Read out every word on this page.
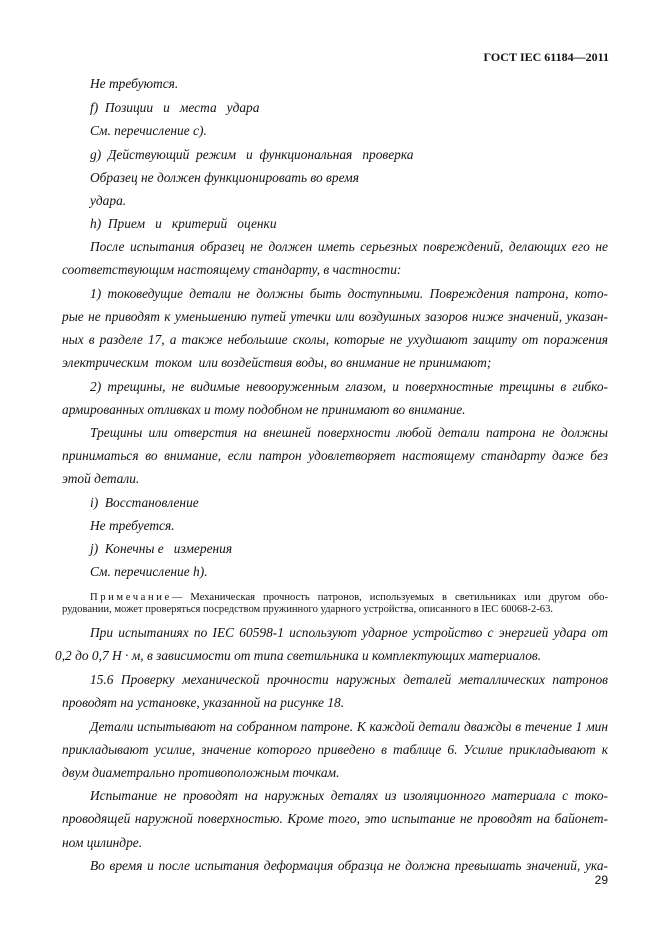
ГОСТ IEC 61184—2011
Не требуются.
f)  Позиции   и   места   удара
См. перечисление с).
g)  Действующий  режим   и  функциональная   проверка
Образец не должен функционировать во время
удара.
h)  Прием   и   критерий   оценки
После испытания образец не должен иметь серьезных повреждений, делающих его не
соответствующим настоящему стандарту, в частности:
1) токоведущие детали не должны быть доступными. Повреждения патрона, кото-
рые не приводят к уменьшению путей утечки или воздушных зазоров ниже значений, указан-
ных в разделе 17, а также небольшие сколы, которые не ухудшают защиту от поражения
электрическим  током  или воздействия воды, во внимание не принимают;
2) трещины, не видимые невооруженным глазом, и поверхностные трещины в гибко-
армированных отливках и тому подобном не принимают во внимание.
Трещины или отверстия на внешней поверхности любой детали патрона не должны
приниматься во внимание, если патрон удовлетворяет настоящему стандарту даже без
этой детали.
i)  Восстановление
Не требуется.
j)  Конечны е   измерения
См. перечисление h).
Примечание— Механическая прочность патронов, используемых в светильниках или другом обо-
рудовании, может проверяться посредством пружинного ударного устройства, описанного в IEC 60068-2-63.
При испытаниях по IEC 60598-1 используют ударное устройство с энергией удара от
0,2 до 0,7 Н · м, в зависимости от типа светильника и комплектующих материалов.
15.6 Проверку механической прочности наружных деталей металлических патронов
проводят на установке, указанной на рисунке 18.
Детали испытывают на собранном патроне. К каждой детали дважды в течение 1 мин
прикладывают усилие, значение которого приведено в таблице 6. Усилие прикладывают к
двум диаметрально противоположным точкам.
Испытание не проводят на наружных деталях из изоляционного материала с токо-
проводящей наружной поверхностью. Кроме того, это испытание не проводят на байонет-
ном цилиндре.
Во время и после испытания деформация образца не должна превышать значений, ука-
29
